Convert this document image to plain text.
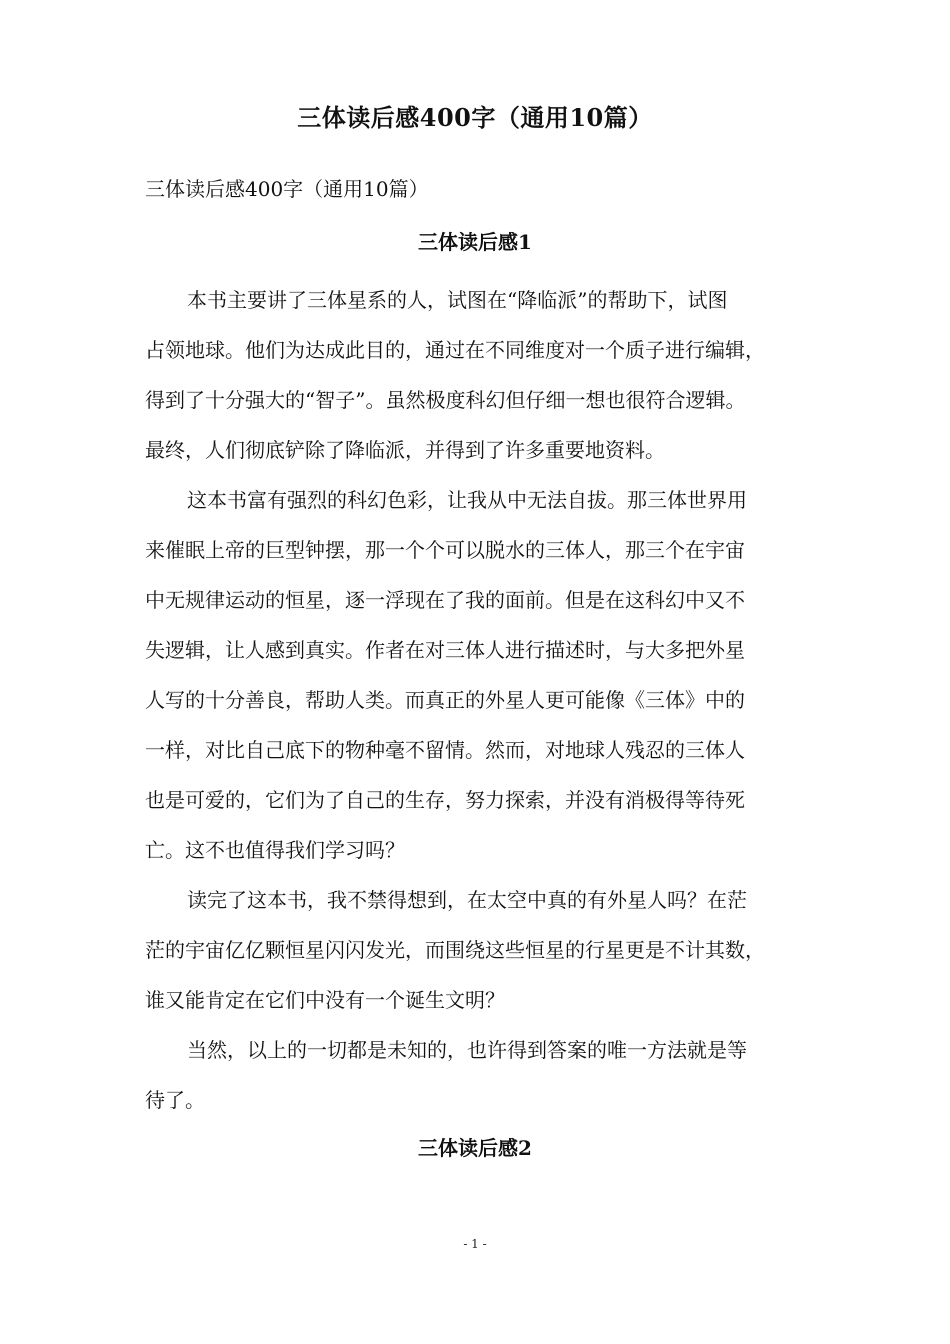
三体读后感400字（通用10篇）
三体读后感400字（通用10篇）
三体读后感1

本书主要讲了三体星系的人，试图在“降临派”的帮助下，试图
占领地球。他们为达成此目的，通过在不同维度对一个质子进行编辑，
得到了十分强大的“智子”。虽然极度科幻但仔细一想也很符合逻辑。
最终，人们彻底铲除了降临派，并得到了许多重要地资料。

这本书富有强烈的科幻色彩，让我从中无法自拔。那三体世界用
来催眠上帝的巨型钟摆，那一个个可以脱水的三体人，那三个在宇宙
中无规律运动的恒星，逐一浮现在了我的面前。但是在这科幻中又不
失逻辑，让人感到真实。作者在对三体人进行描述时，与大多把外星
人写的十分善良，帮助人类。而真正的外星人更可能像《三体》中的
一样，对比自己底下的物种毫不留情。然而，对地球人残忍的三体人
也是可爱的，它们为了自己的生存，努力探索，并没有消极得等待死
亡。这不也值得我们学习吗？

读完了这本书，我不禁得想到，在太空中真的有外星人吗？在茫
茫的宇宙亿亿颗恒星闪闪发光，而围绕这些恒星的行星更是不计其数，
谁又能肯定在它们中没有一个诞生文明？

当然，以上的一切都是未知的，也许得到答案的唯一方法就是等
待了。

三体读后感2
- 1 -
